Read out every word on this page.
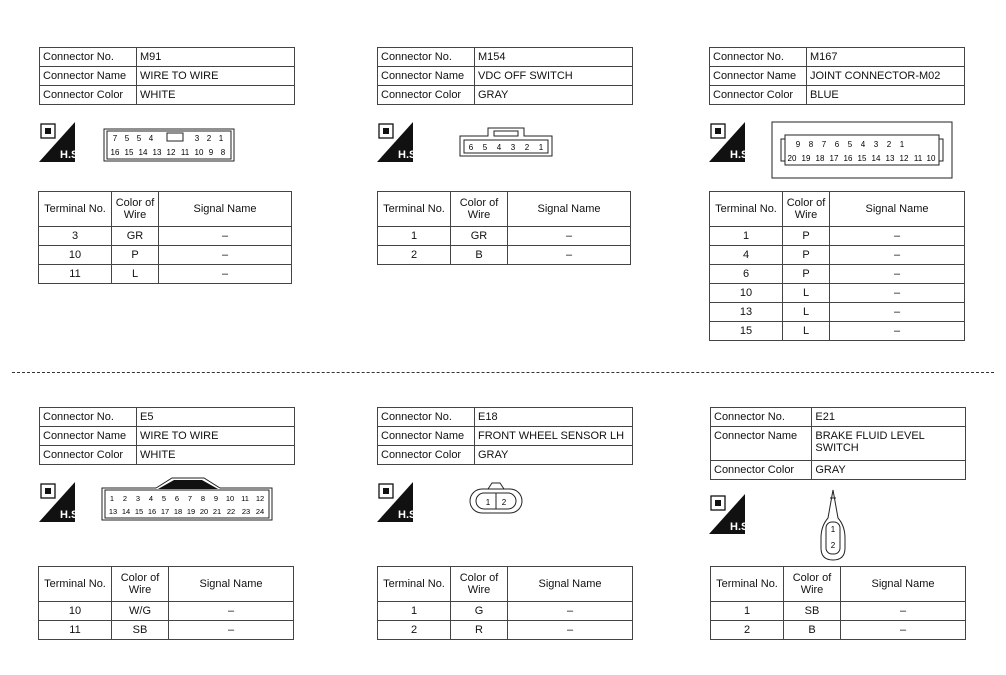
Connector No.	M91
Connector Name	WIRE TO WIRE
Connector Color	WHITE
H.S.
7 5 5 4	3 2 1
16 15 14 13 12 11 10 9 8
Terminal No.	Color of
Wire	Signal Name
3	GR	–
10	P	–
11	L	–
Connector No.	M154
Connector Name	VDC OFF SWITCH
Connector Color	GRAY
H.S.
6 5 4 3 2 1
Terminal No.	Color of
Wire	Signal Name
1	GR	–
2	B	–
Connector No.	M167
Connector Name	JOINT CONNECTOR-M02
Connector Color	BLUE
H.S.
9 8 7 6 5 4 3 2 1
20 19 18 17 16 15 14 13 12 11 10
Terminal No.	Color of
Wire	Signal Name
1	P	–
4	P	–
6	P	–
10	L	–
13	L	–
15	L	–
Connector No.	E5
Connector Name	WIRE TO WIRE
Connector Color	WHITE
H.S.
1 2 3 4 5 6 7 8 9 10 11 12
13 14 15 16 17 18 19 20 21 22 23 24
Terminal No.	Color of
Wire	Signal Name
10	W/G	–
11	SB	–
Connector No.	E18
Connector Name	FRONT WHEEL SENSOR LH
Connector Color	GRAY
H.S.
1 2
Terminal No.	Color of
Wire	Signal Name
1	G	–
2	R	–
Connector No.	E21
Connector Name	BRAKE FLUID LEVEL SWITCH
Connector Color	GRAY
H.S.	1
2
Terminal No.	Color of
Wire	Signal Name
1	SB	–
2	B	–
